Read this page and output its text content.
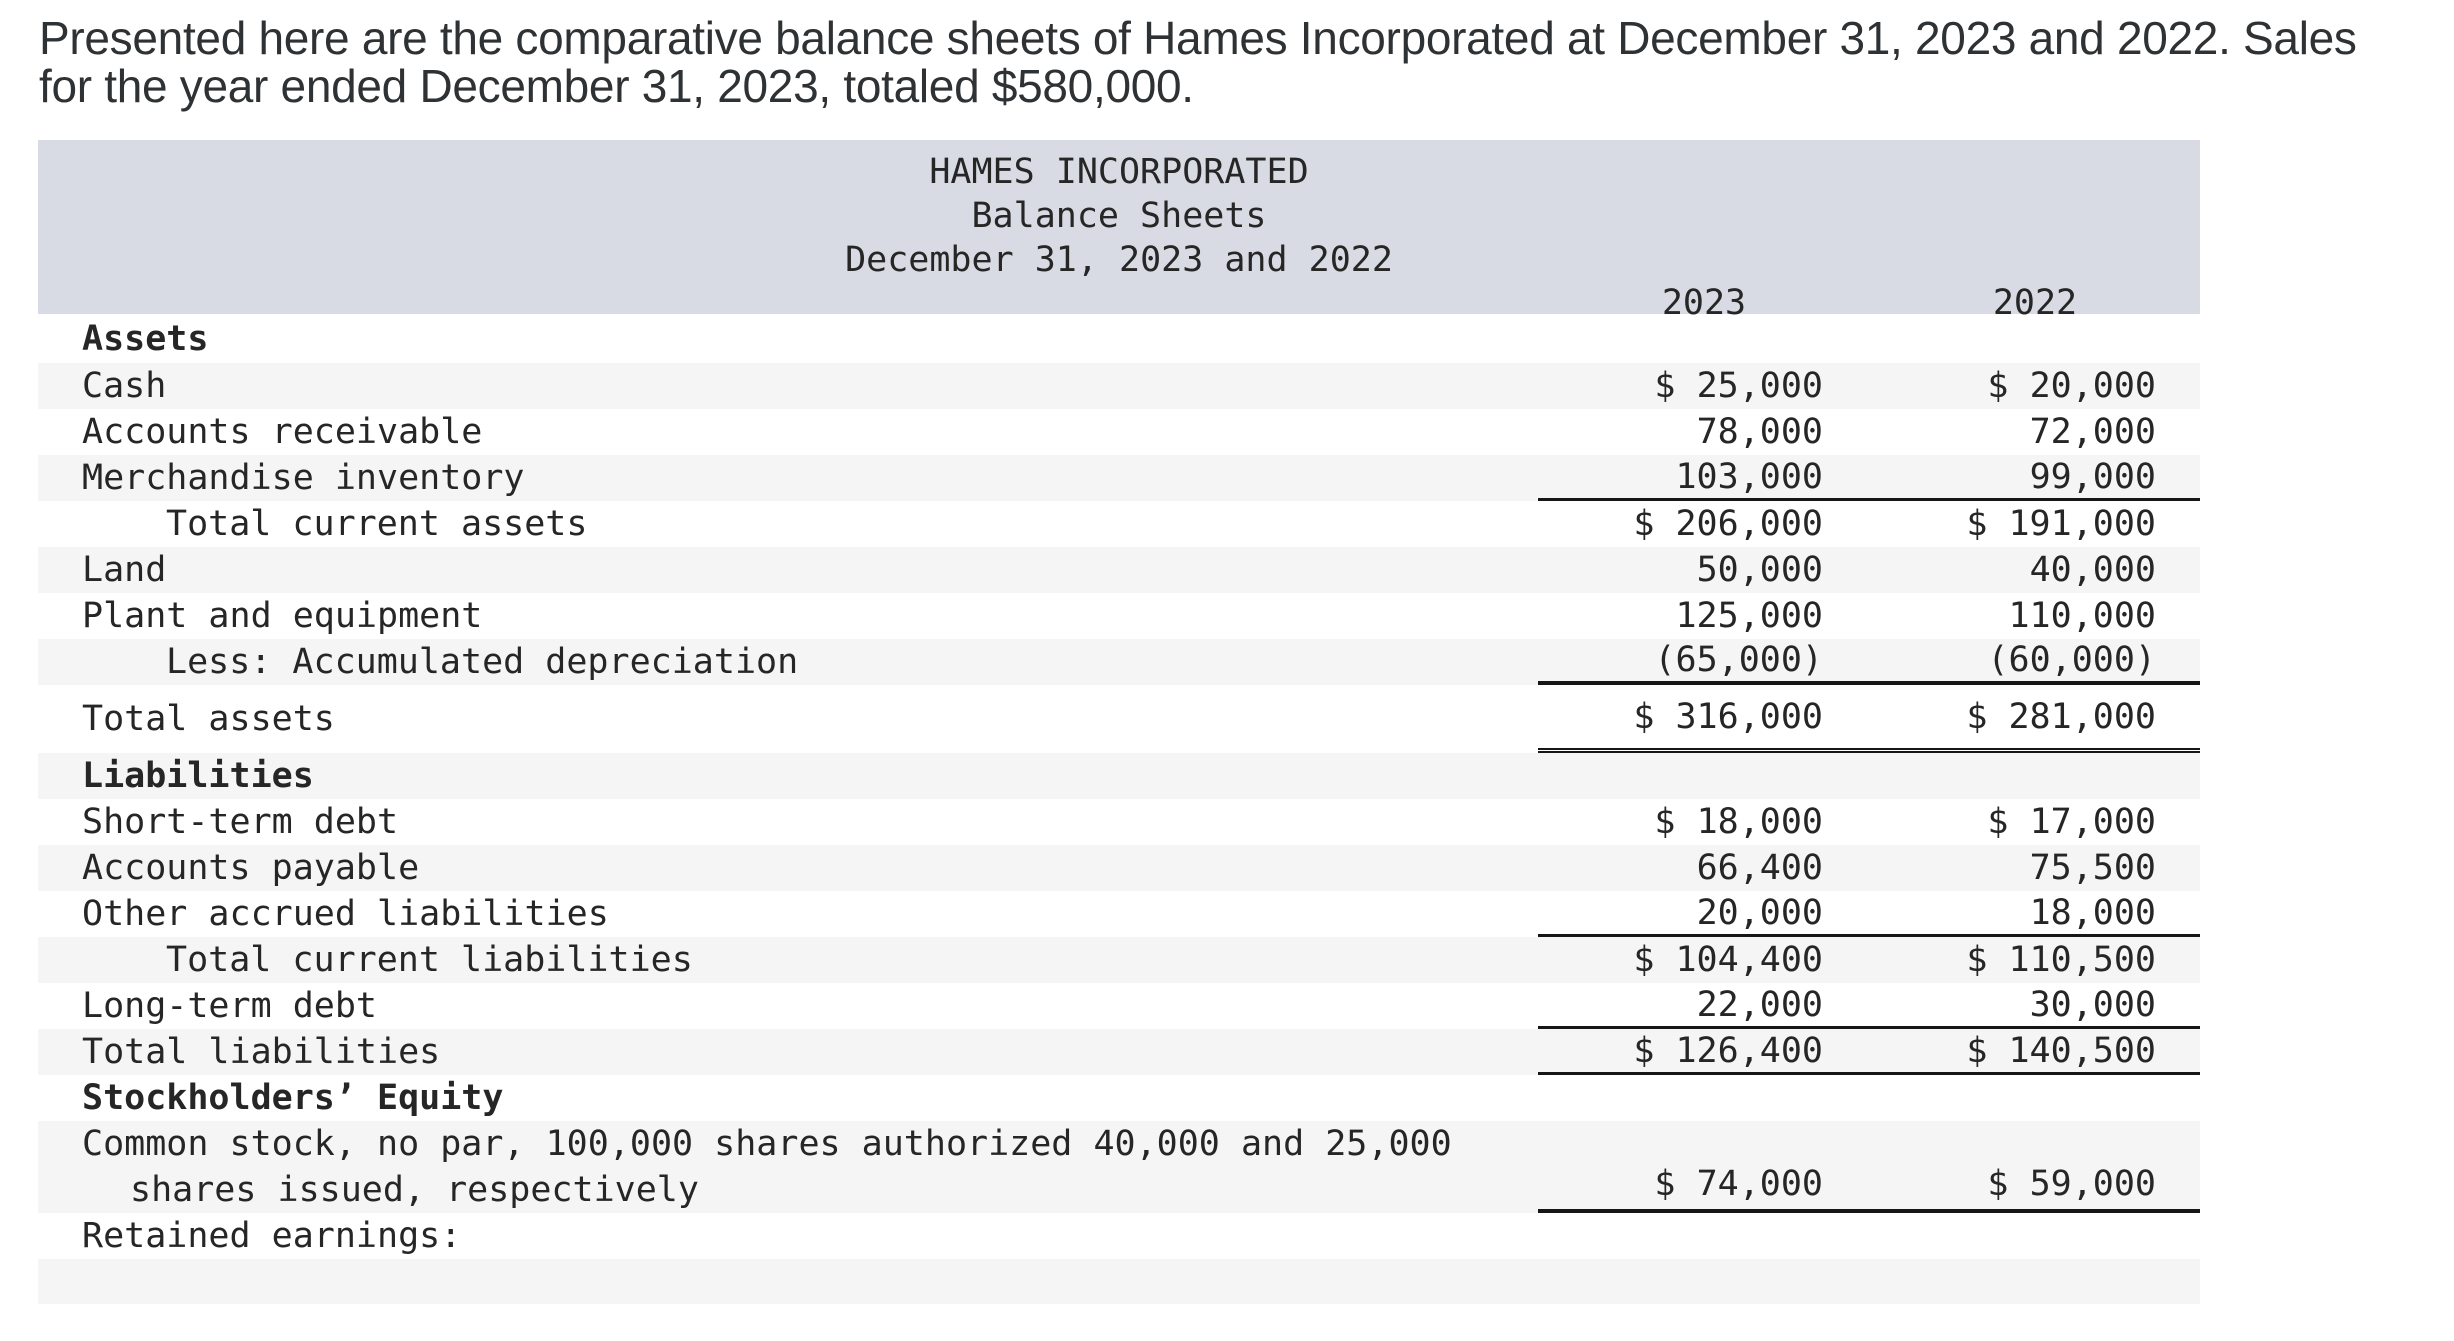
Presented here are the comparative balance sheets of Hames Incorporated at December 31, 2023 and 2022. Sales
for the year ended December 31, 2023, totaled $580,000.
HAMES INCORPORATED
Balance Sheets
December 31, 2023 and 2022
2023	2022
Assets
Cash	$ 25,000	$ 20,000
Accounts receivable	78,000	72,000
Merchandise inventory	103,000	99,000
Total current assets	$ 206,000	$ 191,000
Land	50,000	40,000
Plant and equipment	125,000	110,000
Less: Accumulated depreciation	(65,000)	(60,000)
Total assets	$ 316,000	$ 281,000
Liabilities
Short-term debt	$ 18,000	$ 17,000
Accounts payable	66,400	75,500
Other accrued liabilities	20,000	18,000
Total current liabilities	$ 104,400	$ 110,500
Long-term debt	22,000	30,000
Total liabilities	$ 126,400	$ 140,500
Stockholders’ Equity
Common stock, no par, 100,000 shares authorized 40,000 and 25,000
shares issued, respectively	$ 74,000	$ 59,000
Retained earnings:
